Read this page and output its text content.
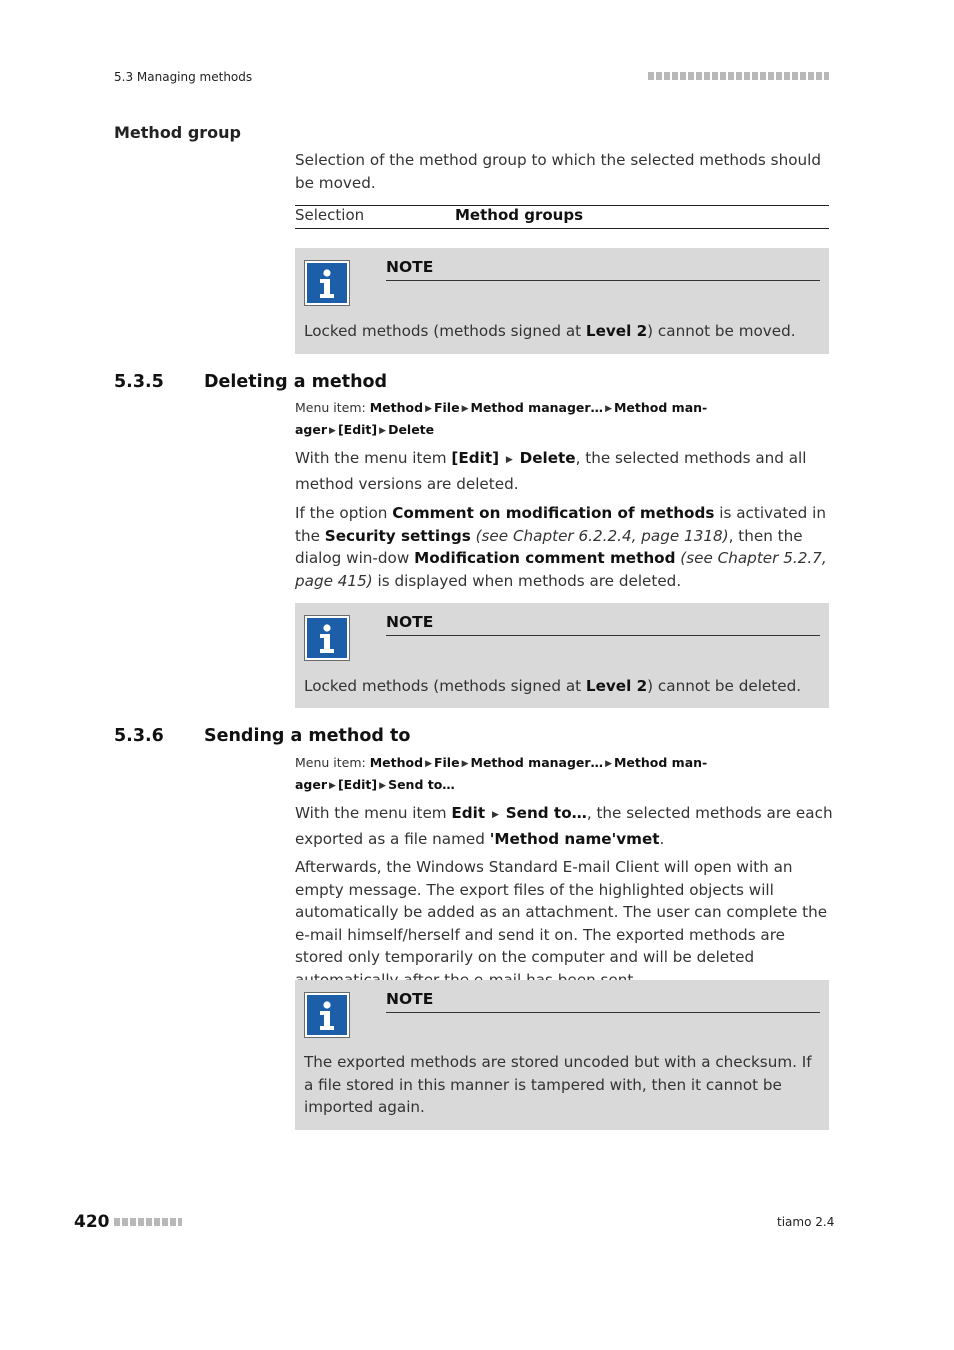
5.3 Managing methods
Method group
Selection of the method group to which the selected methods should be moved.
Selection	Method groups
NOTE
Locked methods (methods signed at Level 2) cannot be moved.
5.3.5 Deleting a method
Menu item: Method ▶ File ▶ Method manager… ▶ Method man-
ager ▶ [Edit] ▶ Delete
With the menu item [Edit] ▶ Delete, the selected methods and all method versions are deleted.
If the option Comment on modification of methods is activated in the Security settings (see Chapter 6.2.2.4, page 1318), then the dialog win-dow Modification comment method (see Chapter 5.2.7, page 415) is displayed when methods are deleted.
NOTE
Locked methods (methods signed at Level 2) cannot be deleted.
5.3.6 Sending a method to
Menu item: Method ▶ File ▶ Method manager… ▶ Method man-
ager ▶ [Edit] ▶ Send to…
With the menu item Edit ▶ Send to…, the selected methods are each exported as a file named 'Method name'vmet.
Afterwards, the Windows Standard E-mail Client will open with an empty message. The export files of the highlighted objects will automatically be added as an attachment. The user can complete the e-mail himself/herself and send it on. The exported methods are stored only temporarily on the computer and will be deleted
NOTE
The exported methods are stored uncoded but with a checksum. If a file stored in this manner is tampered with, then it cannot be imported again.
420	tiamo 2.4
